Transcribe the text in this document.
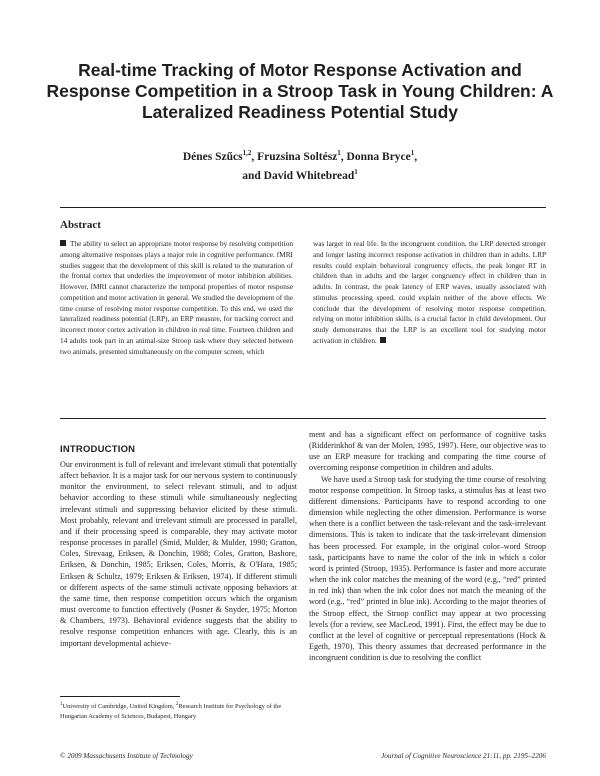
Real-time Tracking of Motor Response Activation and Response Competition in a Stroop Task in Young Children: A Lateralized Readiness Potential Study
Dénes Szűcs$^{1,2}$, Fruzsina Soltész$^1$, Donna Bryce$^1$,
and David Whitebread$^1$
Abstract

The ability to select an appropriate motor response by resolving competition among alternative responses plays a major role in cognitive performance. fMRI studies suggest that the development of this skill is related to the maturation of the frontal cortex that underlies the improvement of motor inhibition abilities. However, fMRI cannot characterize the temporal properties of motor response competition and motor activation in general. We studied the development of the time course of resolving motor response competition. To this end, we used the lateralized readiness potential (LRP), an ERP measure, for tracking correct and incorrect motor cortex activation in children in real time. Fourteen children and 14 adults took part in an animal-size Stroop task where they selected between two animals, presented simultaneously on the computer screen, which

was larger in real life. In the incongruent condition, the LRP detected stronger and longer lasting incorrect response activation in children than in adults. LRP results could explain behavioral congruency effects, the peak longer RT in children than in adults and the larger congruency effect in children than in adults. In contrast, the peak latency of ERP waves, usually associated with stimulus processing speed, could explain neither of the above effects. We conclude that the development of resolving motor response competition, relying on motor inhibition skills, is a crucial factor in child development. Our study demonstrates that the LRP is an excellent tool for studying motor activation in children.

INTRODUCTION

Our environment is full of relevant and irrelevant stimuli that potentially affect behavior. It is a major task for our nervous system to continuously monitor the environment, to select relevant stimuli, and to adjust behavior according to these stimuli while simultaneously neglecting irrelevant stimuli and suppressing behavior elicited by these stimuli. Most probably, relevant and irrelevant stimuli are processed in parallel, and if their processing speed is comparable, they may activate motor response processes in parallel (Smid, Mulder, & Mulder, 1990; Gratton, Coles, Sirevaag, Eriksen, & Donchin, 1988; Coles, Gratton, Bashore, Eriksen, & Donchin, 1985; Eriksen, Coles, Morris, & O'Hara, 1985; Eriksen & Schultz, 1979; Eriksen & Eriksen, 1974). If different stimuli or different aspects of the same stimuli activate opposing behaviors at the same time, then response competition occurs which the organism must overcome to function effectively (Posner & Snyder, 1975; Morton & Chambers, 1973). Behavioral evidence suggests that the ability to resolve response competition enhances with age. Clearly, this is an important developmental achieve-

ment and has a significant effect on performance of cognitive tasks (Ridderinkhof & van der Molen, 1995, 1997). Here, our objective was to use an ERP measure for tracking and comparing the time course of overcoming response competition in children and adults.

We have used a Stroop task for studying the time course of resolving motor response competition. In Stroop tasks, a stimulus has at least two different dimensions. Participants have to respond according to one dimension while neglecting the other dimension. Performance is worse when there is a conflict between the task-relevant and the task-irrelevant dimensions. This is taken to indicate that the task-irrelevant dimension has been processed. For example, in the original color–word Stroop task, participants have to name the color of the ink in which a color word is printed (Stroop, 1935). Performance is faster and more accurate when the ink color matches the meaning of the word (e.g., “red” printed in red ink) than when the ink color does not match the meaning of the word (e.g., “red” printed in blue ink). According to the major theories of the Stroop effect, the Stroop conflict may appear at two processing levels (for a review, see MacLeod, 1991). First, the effect may be due to conflict at the level of cognitive or perceptual representations (Hock & Egeth, 1970). This theory assumes that decreased performance in the incongruent condition is due to resolving the conflict

$^1$University of Cambridge, United Kingdom, $^2$Research Institute for Psychology of the Hungarian Academy of Sciences, Budapest, Hungary

© 2009 Massachusetts Institute of Technology	Journal of Cognitive Neuroscience 21:11, pp. 2195–2206
